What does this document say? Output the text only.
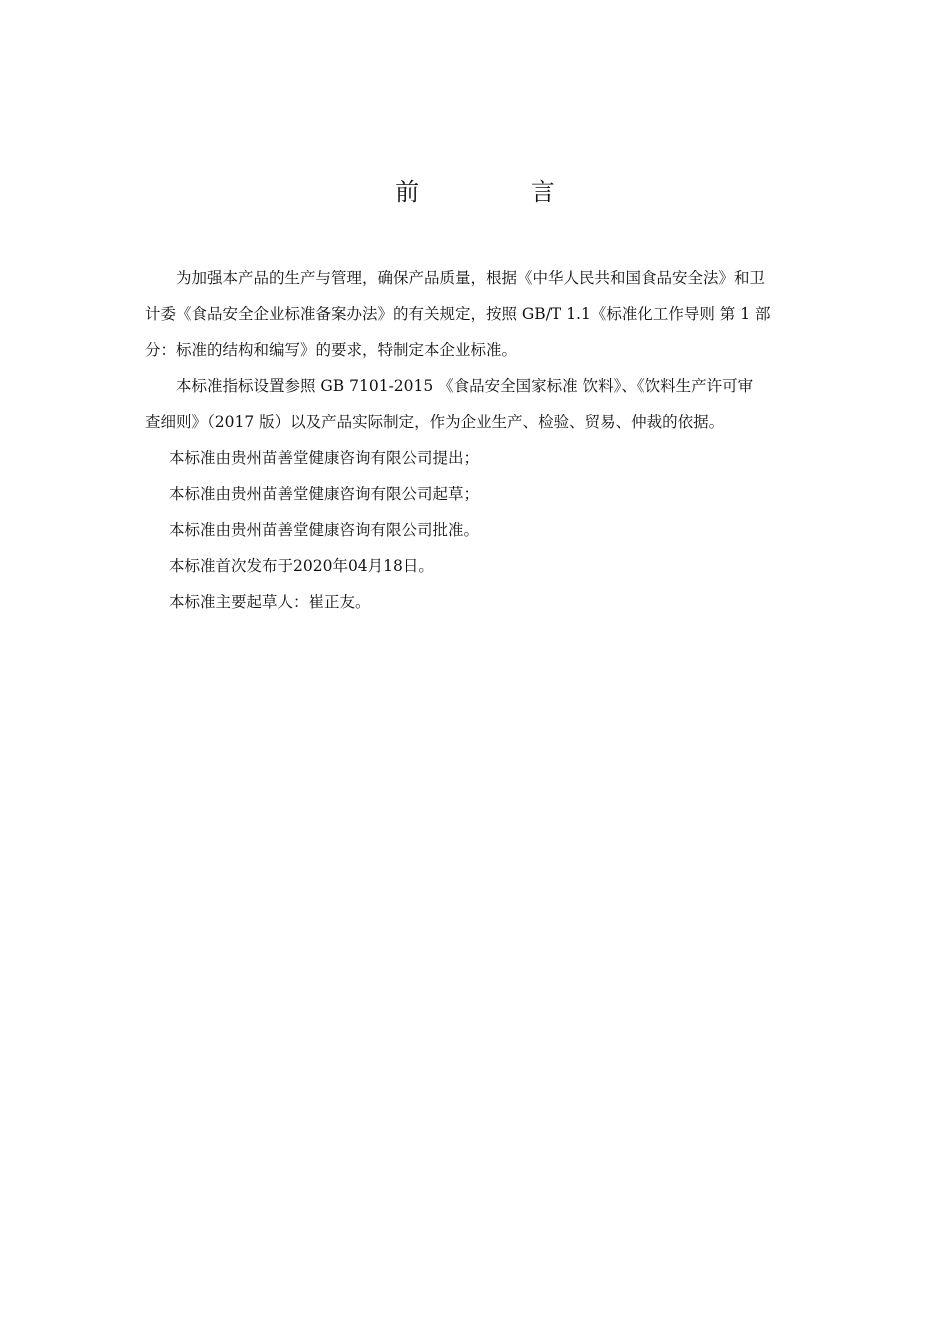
前 言

为加强本产品的生产与管理，确保产品质量，根据《中华人民共和国食品安全法》和卫
计委《食品安全企业标准备案办法》的有关规定，按照 GB/T 1.1《标准化工作导则 第 1 部
分：标准的结构和编写》的要求，特制定本企业标准。

本标准指标设置参照 GB 7101-2015 《食品安全国家标准 饮料》、《饮料生产许可审
查细则》（2017 版）以及产品实际制定，作为企业生产、检验、贸易、仲裁的依据。

本标准由贵州苗善堂健康咨询有限公司提出；

本标准由贵州苗善堂健康咨询有限公司起草；

本标准由贵州苗善堂健康咨询有限公司批准。

本标准首次发布于2020年04月18日。

本标准主要起草人：崔正友。
